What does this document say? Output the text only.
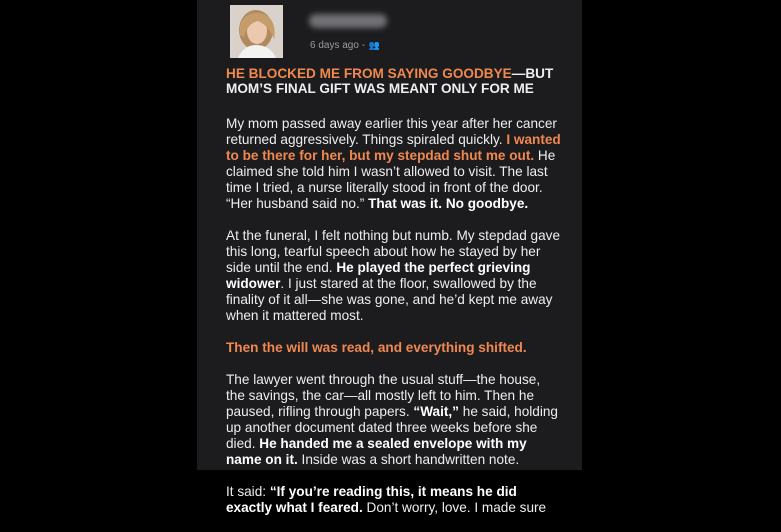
6 days ago - 👥

HE BLOCKED ME FROM SAYING GOODBYE—BUT MOM’S FINAL GIFT WAS MEANT ONLY FOR ME

My mom passed away earlier this year after her cancer returned aggressively. Things spiraled quickly. I wanted to be there for her, but my stepdad shut me out. He claimed she told him I wasn’t allowed to visit. The last time I tried, a nurse literally stood in front of the door. “Her husband said no.” That was it. No goodbye.

At the funeral, I felt nothing but numb. My stepdad gave this long, tearful speech about how he stayed by her side until the end. He played the perfect grieving widower. I just stared at the floor, swallowed by the finality of it all—she was gone, and he’d kept me away when it mattered most.

Then the will was read, and everything shifted.

The lawyer went through the usual stuff—the house, the savings, the car—all mostly left to him. Then he paused, rifling through papers. “Wait,” he said, holding up another document dated three weeks before she died. He handed me a sealed envelope with my name on it. Inside was a short handwritten note.

It said: “If you’re reading this, it means he did exactly what I feared. Don’t worry, love. I made sure
